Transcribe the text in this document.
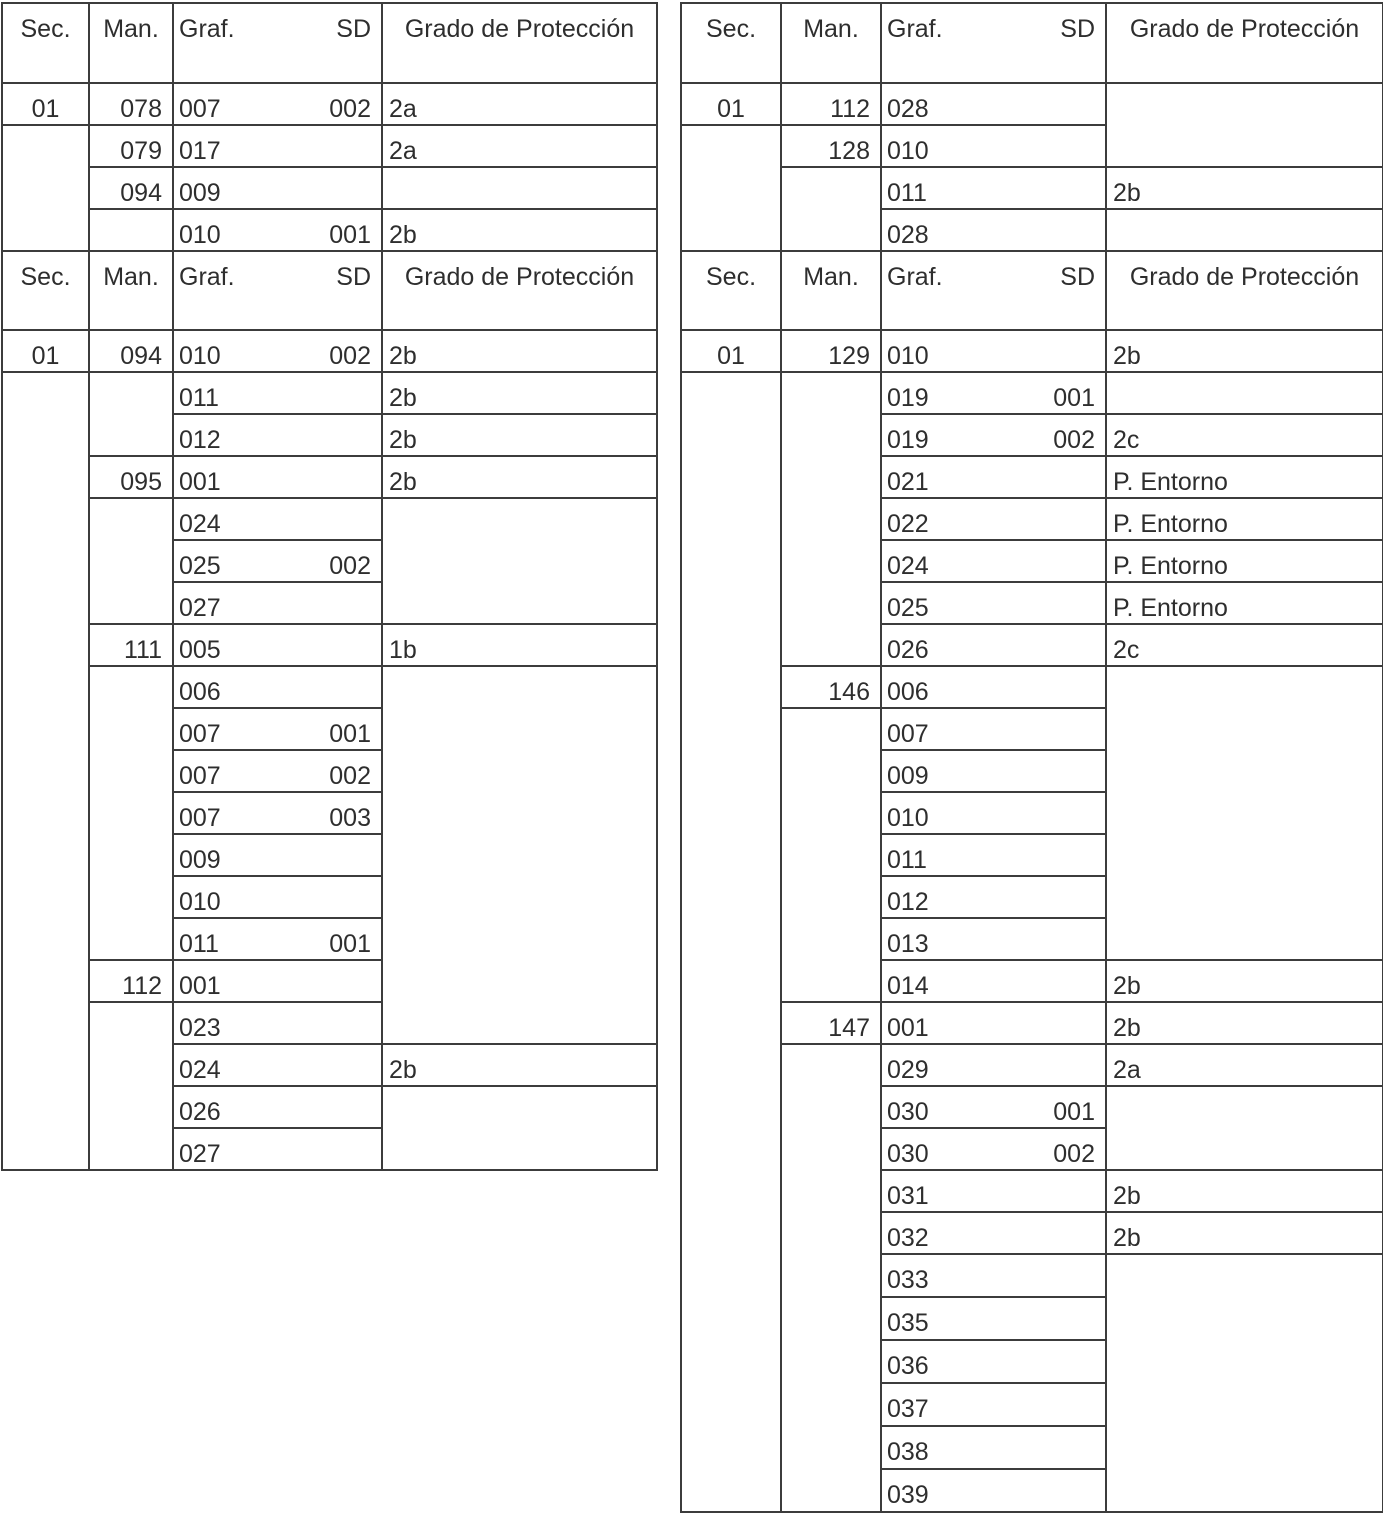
Sec.	Man.	Graf. SD	Grado de Protección
01	078	007 002	2a
	079	017	2a
	094	009	
		010 001	2b
Sec.	Man.	Graf. SD	Grado de Protección
01	094	010 002	2b
		011	2b
		012	2b
	095	001	2b
		024	
		025 002	

		027	
	111	005	1b
		006	
		007 001	

		007 002	

		007 003	

		009	
		010	
		011 001	

	112	001	
		023	
		024	2b
		026	
		027	
Sec.	Man.	Graf. SD	Grado de Protección
01	112	028	
	128	010	
		011	2b
		028	
Sec.	Man.	Graf. SD	Grado de Protección
01	129	010	2b
		019 001	

		019 002	2c
		021	P. Entorno
		022	P. Entorno
		024	P. Entorno
		025	P. Entorno
		026	2c
	146	006	
		007	
		009	
		010	
		011	
		012	
		013	
		014	2b
	147	001	2b
		029	2a
		030 001	

		030 002	

		031	2b
		032	2b
		033	
		035	
		036	
		037	
		038	
		039	
